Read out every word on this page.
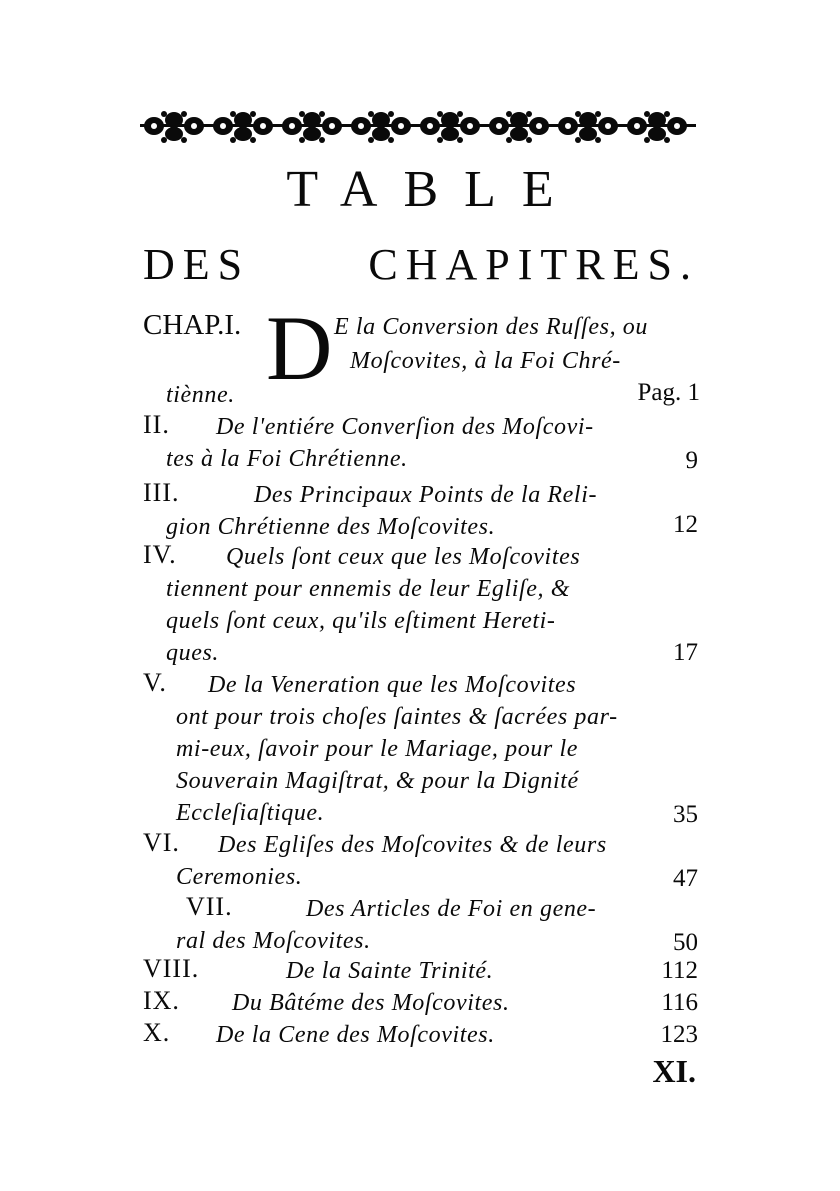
TABLE
DES	CHAPITRES.
CHAP.I. D E la Conversion des Ruſſes, ou
Moſcovites, à la Foi Chré-
tiènne.	Pag. 1
II. De l'entiére Converſion des Moſcovi-
tes à la Foi Chrétienne.	9
III.	Des Principaux Points de la Reli-
gion Chrétienne des Moſcovites.	12
IV. Quels ſont ceux que les Moſcovites
tiennent pour ennemis de leur Egliſe, &
quels ſont ceux, qu'ils eſtiment Hereti-
ques.	17
V. De la Veneration que les Moſcovites
ont pour trois choſes ſaintes & ſacrées par-
mi-eux, ſavoir pour le Mariage, pour le
Souverain Magiſtrat, & pour la Dignité
Eccleſiaſtique.	35
VI. Des Egliſes des Moſcovites & de leurs
Ceremonies.	47
VII.	Des Articles de Foi en gene-
ral des Moſcovites.	50
VIII.	De la Sainte Trinité.	112
IX. Du Bâtéme des Moſcovites.	116
X. De la Cene des Moſcovites.	123
XI.
